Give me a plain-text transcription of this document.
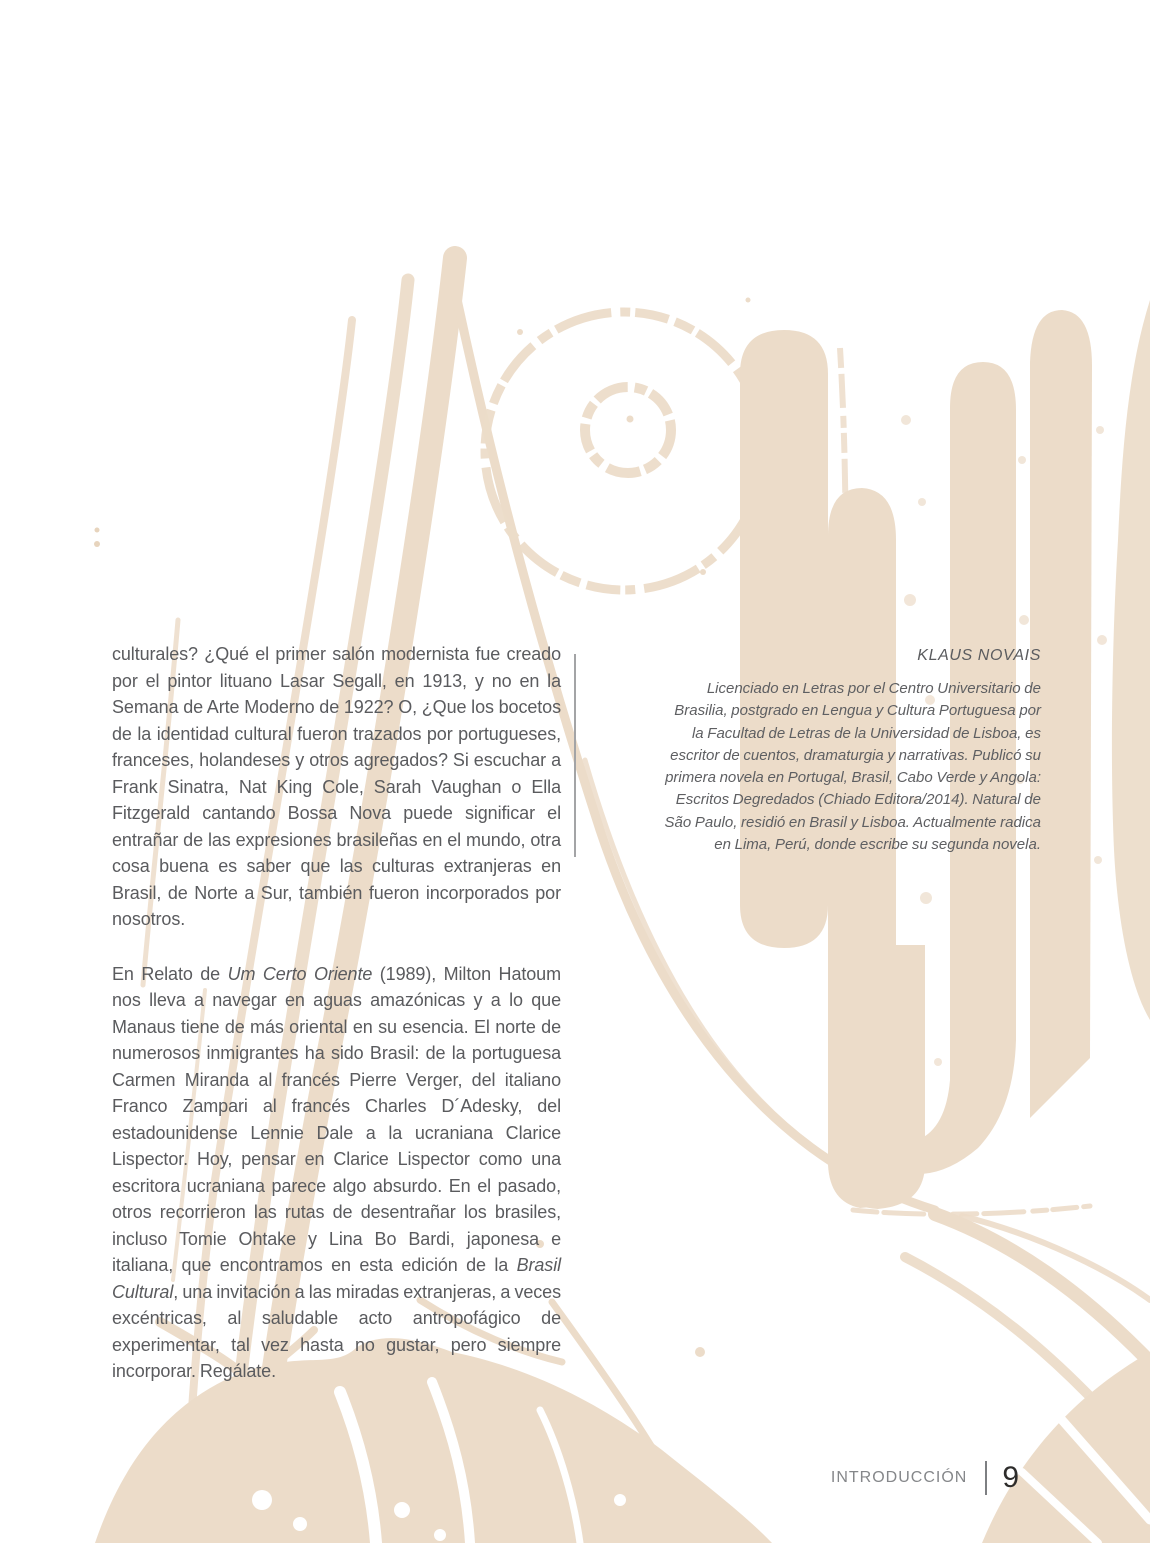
culturales? ¿Qué el primer salón modernista fue creado por el pintor lituano Lasar Segall, en 1913, y no en la Semana de Arte Moderno de 1922? O, ¿Que los bocetos de la identidad cultural fueron trazados por portugueses, franceses, holandeses y otros agregados? Si escuchar a Frank Sinatra, Nat King Cole, Sarah Vaughan o Ella Fitzgerald cantando Bossa Nova puede significar el entrañar de las expresiones brasileñas en el mundo, otra cosa buena es saber que las culturas extranjeras en Brasil, de Norte a Sur, también fueron incorporados por nosotros.

En Relato de Um Certo Oriente (1989), Milton Hatoum nos lleva a navegar en aguas amazónicas y a lo que Manaus tiene de más oriental en su esencia. El norte de numerosos inmigrantes ha sido Brasil: de la portuguesa Carmen Miranda al francés Pierre Verger, del italiano Franco Zampari al francés Charles D´Adesky, del estadounidense Lennie Dale a la ucraniana Clarice Lispector. Hoy, pensar en Clarice Lispector como una escritora ucraniana parece algo absurdo. En el pasado, otros recorrieron las rutas de desentrañar los brasiles, incluso Tomie Ohtake y Lina Bo Bardi, japonesa e italiana, que encontramos en esta edición de la Brasil Cultural, una invitación a las miradas extranjeras, a veces excéntricas, al saludable acto antropofágico de experimentar, tal vez hasta no gustar, pero siempre incorporar. Regálate.

KLAUS NOVAIS

Licenciado en Letras por el Centro Universitario de Brasilia, postgrado en Lengua y Cultura Portuguesa por la Facultad de Letras de la Universidad de Lisboa, es escritor de cuentos, dramaturgia y narrativas. Publicó su primera novela en Portugal, Brasil, Cabo Verde y Angola: Escritos Degredados (Chiado Editora/2014). Natural de São Paulo, residió en Brasil y Lisboa. Actualmente radica en Lima, Perú, donde escribe su segunda novela.

INTRODUCCIÓN 9
